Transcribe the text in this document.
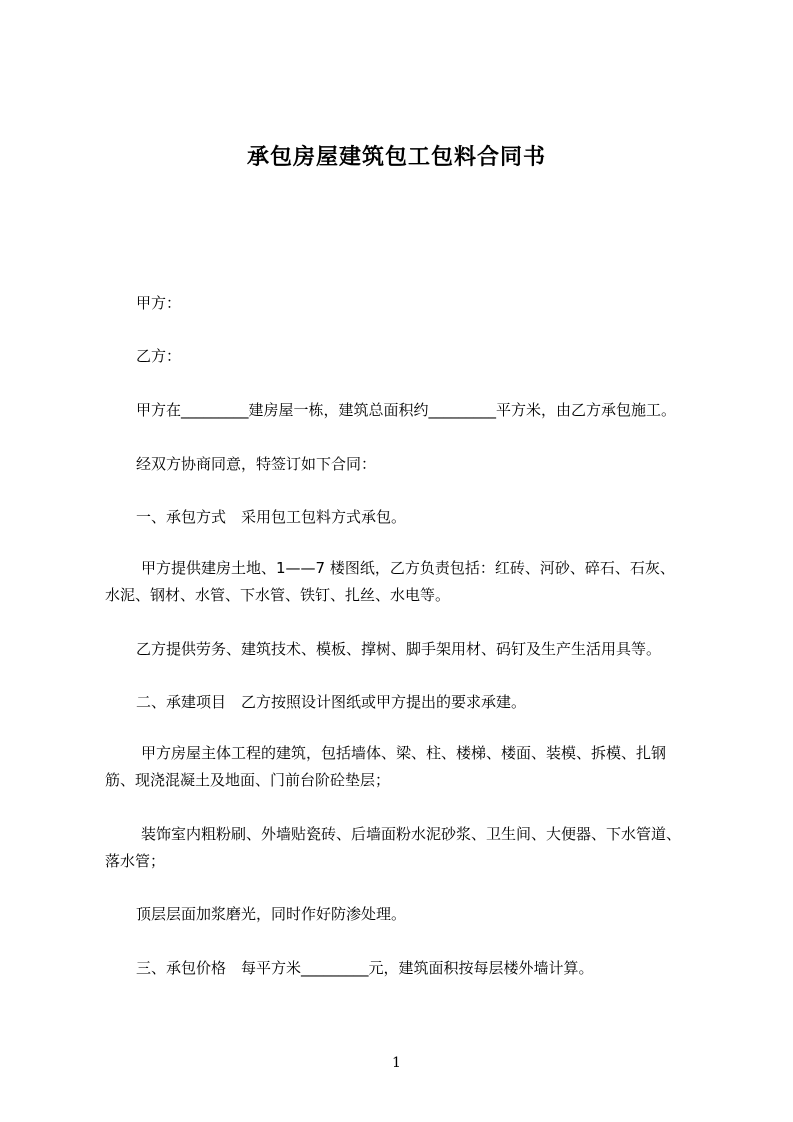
承包房屋建筑包工包料合同书
甲方：
乙方：
甲方在_________建房屋一栋，建筑总面积约_________平方米，由乙方承包施工。
经双方协商同意，特签订如下合同：
一、承包方式　采用包工包料方式承包。
甲方提供建房土地、1——7 楼图纸，乙方负责包括：红砖、河砂、碎石、石灰、
水泥、钢材、水管、下水管、铁钉、扎丝、水电等。
乙方提供劳务、建筑技术、模板、撑树、脚手架用材、码钉及生产生活用具等。
二、承建项目　乙方按照设计图纸或甲方提出的要求承建。
甲方房屋主体工程的建筑，包括墙体、梁、柱、楼梯、楼面、装模、拆模、扎钢
筋、现浇混凝土及地面、门前台阶砼垫层；
装饰室内粗粉刷、外墙贴瓷砖、后墙面粉水泥砂浆、卫生间、大便器、下水管道、
落水管；
顶层层面加浆磨光，同时作好防渗处理。
三、承包价格　每平方米_________元，建筑面积按每层楼外墙计算。
1
